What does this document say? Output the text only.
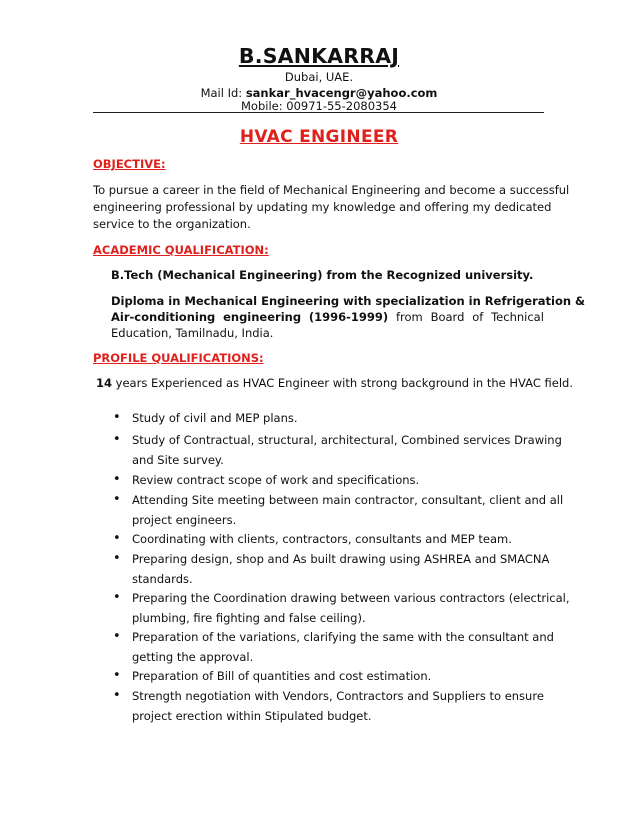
B.SANKARRAJ
Dubai, UAE.
Mail Id: sankar_hvacengr@yahoo.com
Mobile: 00971-55-2080354
HVAC ENGINEER
OBJECTIVE:
To pursue a career in the field of Mechanical Engineering and become a successful
engineering professional by updating my knowledge and offering my dedicated
service to the organization.
ACADEMIC QUALIFICATION:
B.Tech (Mechanical Engineering) from the Recognized university.
Diploma in Mechanical Engineering with specialization in Refrigeration &
Air-conditioning engineering (1996-1999) from Board of Technical
Education, Tamilnadu, India.
PROFILE QUALIFICATIONS:
14 years Experienced as HVAC Engineer with strong background in the HVAC field.
• Study of civil and MEP plans.
• Study of Contractual, structural, architectural, Combined services Drawing
and Site survey.
• Review contract scope of work and specifications.
• Attending Site meeting between main contractor, consultant, client and all
project engineers.
• Coordinating with clients, contractors, consultants and MEP team.
• Preparing design, shop and As built drawing using ASHREA and SMACNA
standards.
• Preparing the Coordination drawing between various contractors (electrical,
plumbing, fire fighting and false ceiling).
• Preparation of the variations, clarifying the same with the consultant and
getting the approval.
• Preparation of Bill of quantities and cost estimation.
• Strength negotiation with Vendors, Contractors and Suppliers to ensure
project erection within Stipulated budget.
